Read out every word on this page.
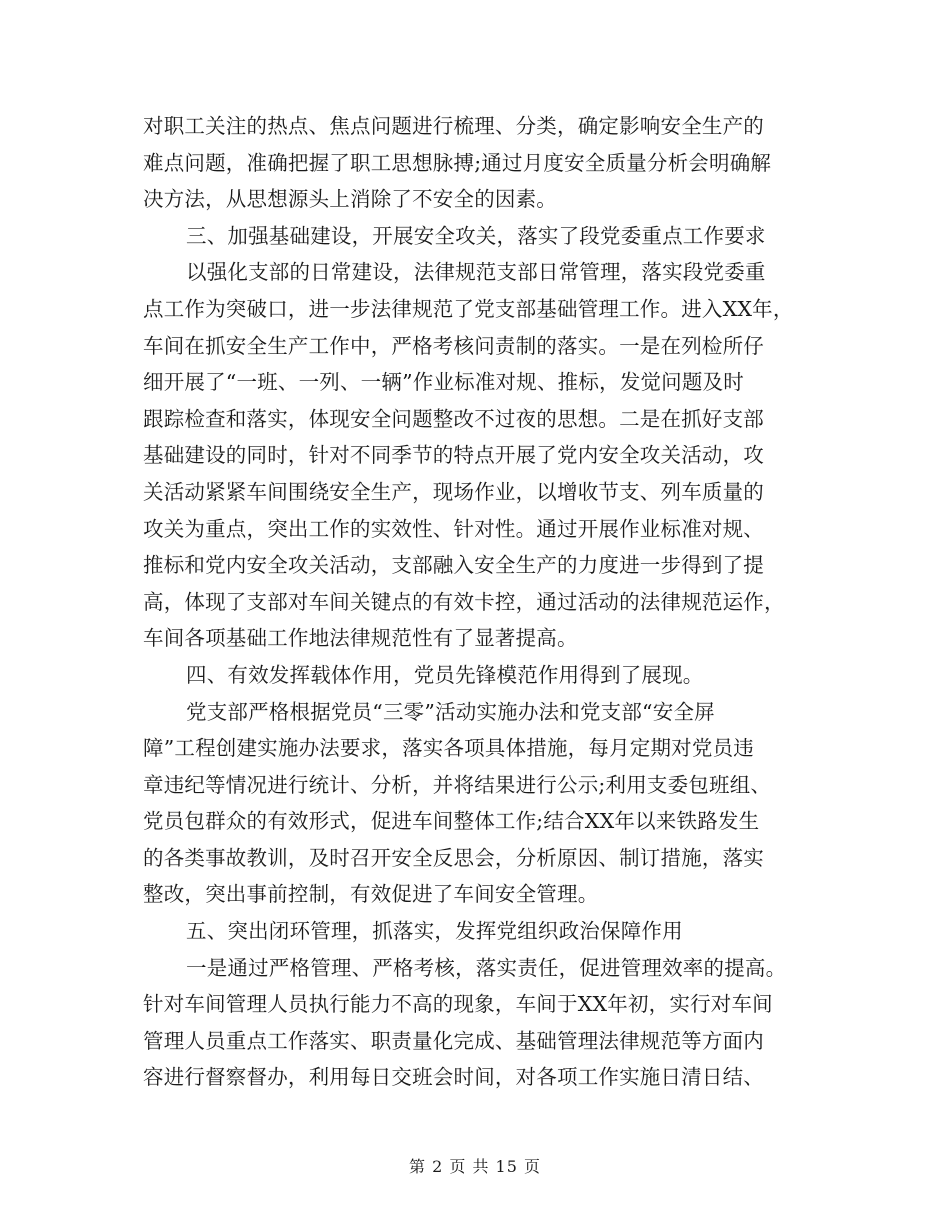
对职工关注的热点、焦点问题进行梳理、分类，确定影响安全生产的
难点问题，准确把握了职工思想脉搏;通过月度安全质量分析会明确解
决方法，从思想源头上消除了不安全的因素。
三、加强基础建设，开展安全攻关，落实了段党委重点工作要求
以强化支部的日常建设，法律规范支部日常管理，落实段党委重
点工作为突破口，进一步法律规范了党支部基础管理工作。进入XX年，
车间在抓安全生产工作中，严格考核问责制的落实。一是在列检所仔
细开展了“一班、一列、一辆”作业标准对规、推标，发觉问题及时
跟踪检查和落实，体现安全问题整改不过夜的思想。二是在抓好支部
基础建设的同时，针对不同季节的特点开展了党内安全攻关活动，攻
关活动紧紧车间围绕安全生产，现场作业，以增收节支、列车质量的
攻关为重点，突出工作的实效性、针对性。通过开展作业标准对规、
推标和党内安全攻关活动，支部融入安全生产的力度进一步得到了提
高，体现了支部对车间关键点的有效卡控，通过活动的法律规范运作，
车间各项基础工作地法律规范性有了显著提高。
四、有效发挥载体作用，党员先锋模范作用得到了展现。
党支部严格根据党员“三零”活动实施办法和党支部“安全屏
障”工程创建实施办法要求，落实各项具体措施，每月定期对党员违
章违纪等情况进行统计、分析，并将结果进行公示;利用支委包班组、
党员包群众的有效形式，促进车间整体工作;结合XX年以来铁路发生
的各类事故教训，及时召开安全反思会，分析原因、制订措施，落实
整改，突出事前控制，有效促进了车间安全管理。
五、突出闭环管理，抓落实，发挥党组织政治保障作用
一是通过严格管理、严格考核，落实责任，促进管理效率的提高。
针对车间管理人员执行能力不高的现象，车间于XX年初，实行对车间
管理人员重点工作落实、职责量化完成、基础管理法律规范等方面内
容进行督察督办，利用每日交班会时间，对各项工作实施日清日结、
第 2 页 共 15 页
